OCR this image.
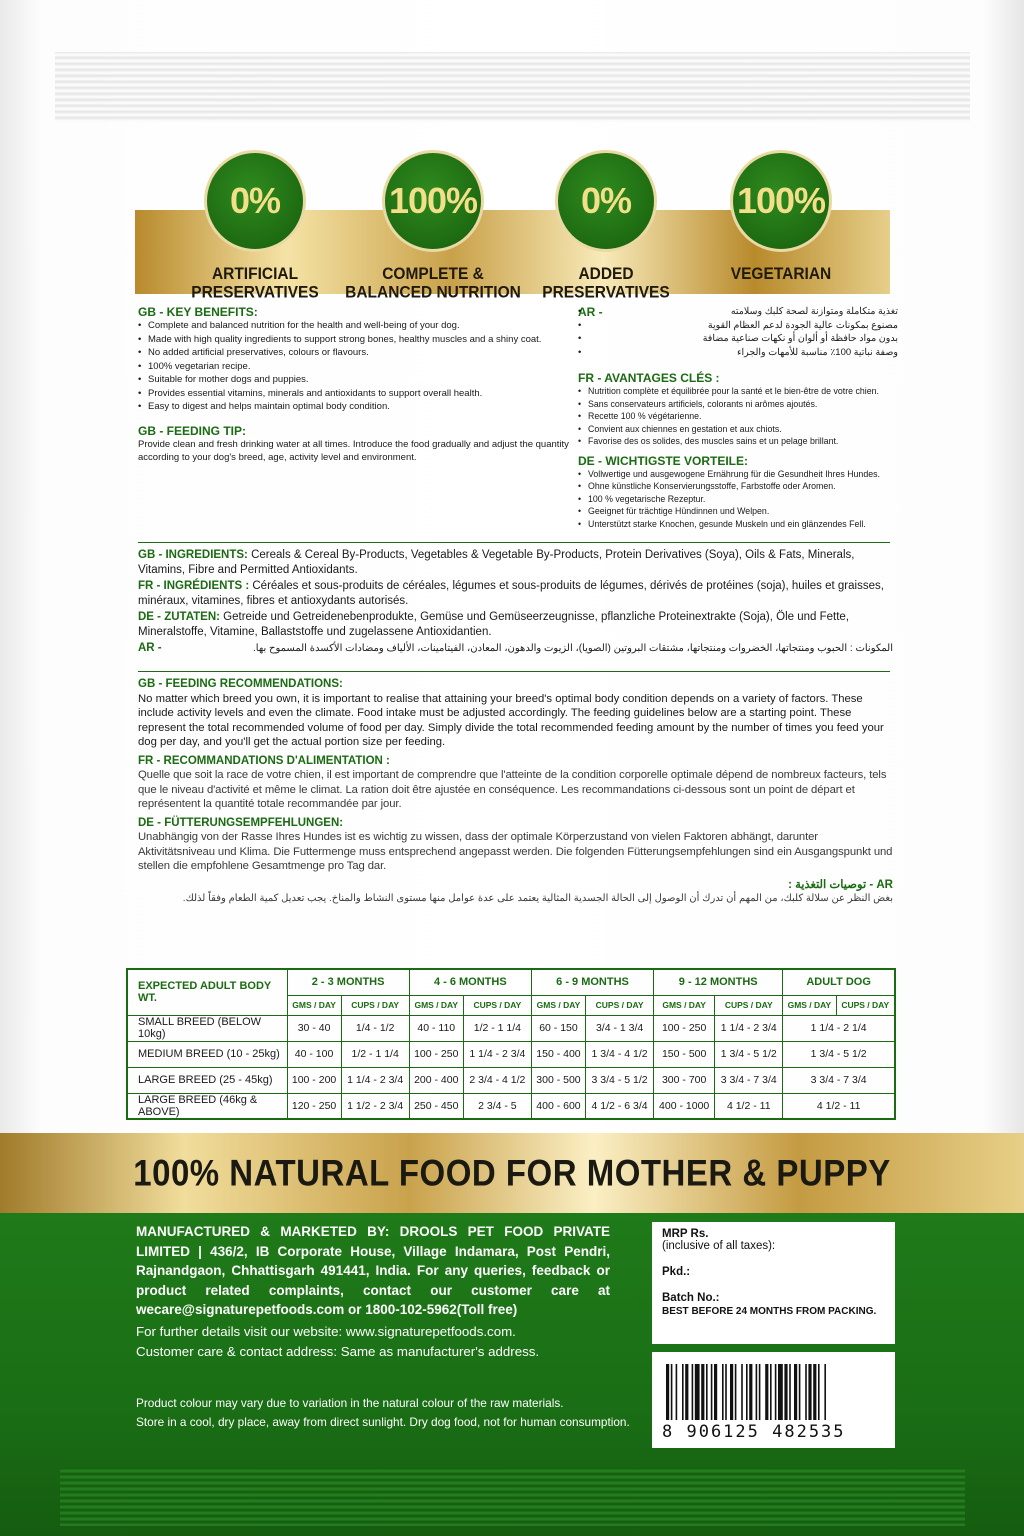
0%
ARTIFICIAL
PRESERVATIVES
100%
COMPLETE &
BALANCED NUTRITION
0%
ADDED
PRESERVATIVES
100%
VEGETARIAN
GB - KEY BENEFITS:
• Complete and balanced nutrition for the health and well-being of your dog.
• Made with high quality ingredients to support strong bones, healthy muscles and a shiny coat.
• No added artificial preservatives, colours or flavours.
• 100% vegetarian recipe.
• Suitable for mother dogs and puppies.
• Provides essential vitamins, minerals and antioxidants to support overall health.
• Easy to digest and helps maintain optimal body condition.
GB - FEEDING TIP:

Provide clean and fresh drinking water at all times. Introduce the food gradually and adjust the quantity according to your dog's breed, age, activity level and environment.

AR -	• تغذية متكاملة ومتوازنة لصحة كلبك وسلامته
• مصنوع بمكونات عالية الجودة لدعم العظام القوية
• بدون مواد حافظة أو ألوان أو نكهات صناعية مضافة
• وصفة نباتية 100٪ مناسبة للأمهات والجراء
FR - AVANTAGES CLÉS :
• Nutrition complète et équilibrée pour la santé et le bien-être de votre chien.
• Sans conservateurs artificiels, colorants ni arômes ajoutés.
• Recette 100 % végétarienne.
• Convient aux chiennes en gestation et aux chiots.
• Favorise des os solides, des muscles sains et un pelage brillant.
DE - WICHTIGSTE VORTEILE:
• Vollwertige und ausgewogene Ernährung für die Gesundheit Ihres Hundes.
• Ohne künstliche Konservierungsstoffe, Farbstoffe oder Aromen.
• 100 % vegetarische Rezeptur.
• Geeignet für trächtige Hündinnen und Welpen.
• Unterstützt starke Knochen, gesunde Muskeln und ein glänzendes Fell.

GB - INGREDIENTS: Cereals & Cereal By-Products, Vegetables & Vegetable By-Products, Protein Derivatives (Soya), Oils & Fats, Minerals, Vitamins, Fibre and Permitted Antioxidants.

FR - INGRÉDIENTS : Céréales et sous-produits de céréales, légumes et sous-produits de légumes, dérivés de protéines (soja), huiles et graisses, minéraux, vitamines, fibres et antioxydants autorisés.

DE - ZUTATEN: Getreide und Getreidenebenprodukte, Gemüse und Gemüseerzeugnisse, pflanzliche Proteinextrakte (Soja), Öle und Fette, Mineralstoffe, Vitamine, Ballaststoffe und zugelassene Antioxidantien.

AR -	المكونات : الحبوب ومنتجاتها، الخضروات ومنتجاتها، مشتقات البروتين (الصويا)، الزيوت والدهون، المعادن، الفيتامينات، الألياف ومضادات الأكسدة المسموح بها.

GB - FEEDING RECOMMENDATIONS:

No matter which breed you own, it is important to realise that attaining your breed's optimal body condition depends on a variety of factors. These include activity levels and even the climate. Food intake must be adjusted accordingly. The feeding guidelines below are a starting point. These represent the total recommended volume of food per day. Simply divide the total recommended feeding amount by the number of times you feed your dog per day, and you'll get the actual portion size per feeding.

FR - RECOMMANDATIONS D'ALIMENTATION :

Quelle que soit la race de votre chien, il est important de comprendre que l'atteinte de la condition corporelle optimale dépend de nombreux facteurs, tels que le niveau d'activité et même le climat. La ration doit être ajustée en conséquence. Les recommandations ci-dessous sont un point de départ et représentent la quantité totale recommandée par jour.

DE - FÜTTERUNGSEMPFEHLUNGEN:

Unabhängig von der Rasse Ihres Hundes ist es wichtig zu wissen, dass der optimale Körperzustand von vielen Faktoren abhängt, darunter Aktivitätsniveau und Klima. Die Futtermenge muss entsprechend angepasst werden. Die folgenden Fütterungsempfehlungen sind ein Ausgangspunkt und stellen die empfohlene Gesamtmenge pro Tag dar.

AR - توصيات التغذية :

بغض النظر عن سلالة كلبك، من المهم أن تدرك أن الوصول إلى الحالة الجسدية المثالية يعتمد على عدة عوامل منها مستوى النشاط والمناخ. يجب تعديل كمية الطعام وفقاً لذلك.

EXPECTED ADULT BODY WT.	2 - 3 MONTHS		4 - 6 MONTHS		6 - 9 MONTHS		9 - 12 MONTHS		ADULT DOG	
	GMS / DAY	CUPS / DAY	GMS / DAY	CUPS / DAY	GMS / DAY	CUPS / DAY	GMS / DAY	CUPS / DAY	GMS / DAY	CUPS / DAY
SMALL BREED (BELOW 10kg)	30 - 40	1/4 - 1/2	40 - 110	1/2 - 1 1/4	60 - 150	3/4 - 1 3/4	100 - 250	1 1/4 - 2 3/4	1 1/4 - 2 1/4	
MEDIUM BREED (10 - 25kg)	40 - 100	1/2 - 1 1/4	100 - 250	1 1/4 - 2 3/4	150 - 400	1 3/4 - 4 1/2	150 - 500	1 3/4 - 5 1/2	1 3/4 - 5 1/2	
LARGE BREED (25 - 45kg)	100 - 200	1 1/4 - 2 3/4	200 - 400	2 3/4 - 4 1/2	300 - 500	3 3/4 - 5 1/2	300 - 700	3 3/4 - 7 3/4	3 3/4 - 7 3/4	
LARGE BREED (46kg & ABOVE)	120 - 250	1 1/2 - 2 3/4	250 - 450	2 3/4 - 5	400 - 600	4 1/2 - 6 3/4	400 - 1000	4 1/2 - 11	4 1/2 - 11	
100% NATURAL FOOD FOR MOTHER & PUPPY
MANUFACTURED & MARKETED BY: DROOLS PET FOOD PRIVATE LIMITED | 436/2, IB Corporate House, Village Indamara, Post Pendri, Rajnandgaon, Chhattisgarh 491441, India. For any queries, feedback or product related complaints, contact our customer care at wecare@signaturepetfoods.com or 1800-102-5962(Toll free)
For further details visit our website: www.signaturepetfoods.com.
Customer care & contact address: Same as manufacturer's address.
Product colour may vary due to variation in the natural colour of the raw materials.
Store in a cool, dry place, away from direct sunlight. Dry dog food, not for human consumption.
MRP Rs.
(inclusive of all taxes):
Pkd.:
Batch No.:
BEST BEFORE 24 MONTHS FROM PACKING.
8 906125 482535
